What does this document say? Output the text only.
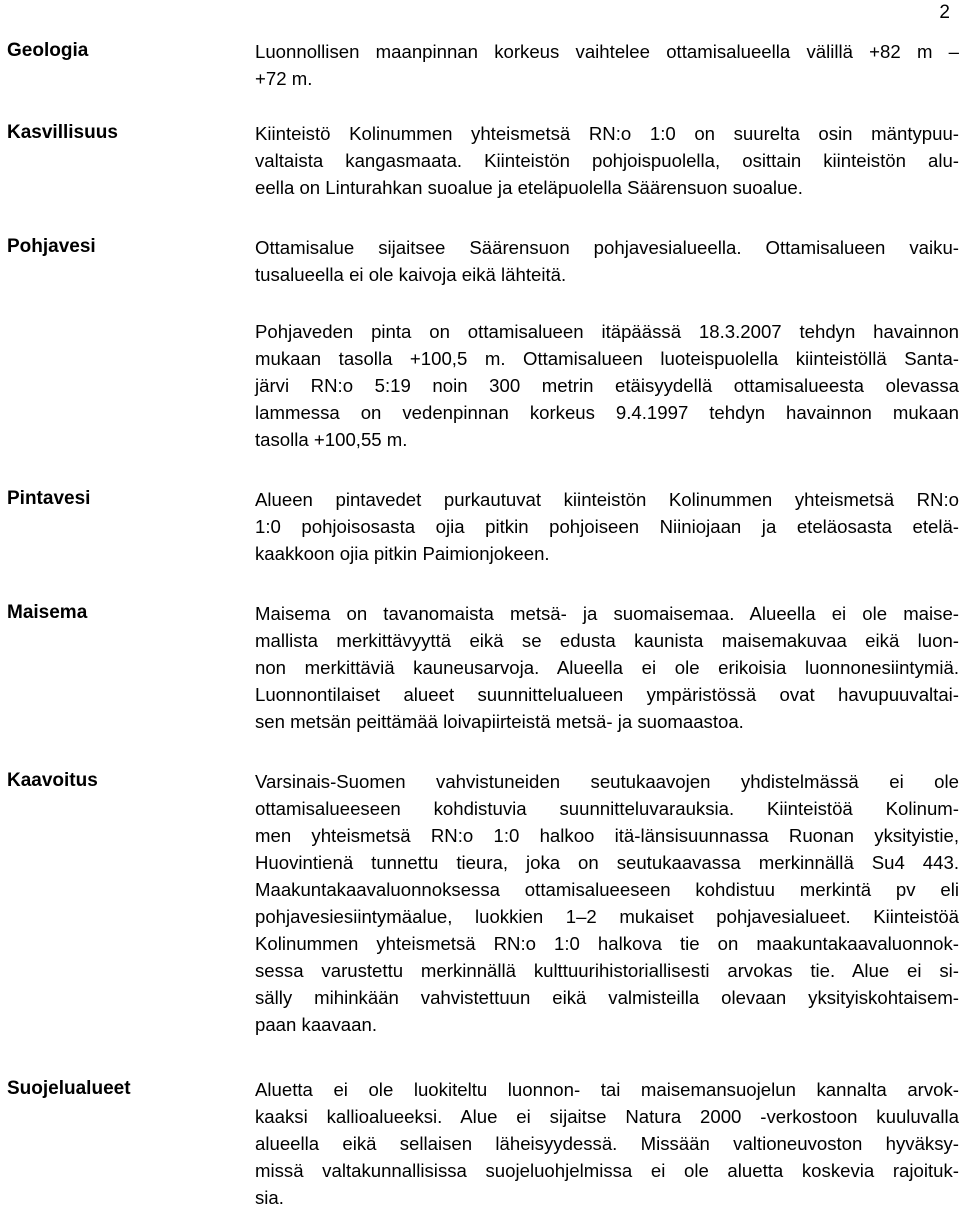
2
Geologia	Luonnollisen maanpinnan korkeus vaihtelee ottamisalueella välillä +82 m –
+72 m.
Kasvillisuus	Kiinteistö Kolinummen yhteismetsä RN:o 1:0 on suurelta osin mäntypuu-
valtaista kangasmaata. Kiinteistön pohjoispuolella, osittain kiinteistön alu-
eella on Linturahkan suoalue ja eteläpuolella Säärensuon suoalue.
Pohjavesi	Ottamisalue sijaitsee Säärensuon pohjavesialueella. Ottamisalueen vaiku-
tusalueella ei ole kaivoja eikä lähteitä.
Pohjaveden pinta on ottamisalueen itäpäässä 18.3.2007 tehdyn havainnon
mukaan tasolla +100,5 m. Ottamisalueen luoteispuolella kiinteistöllä Santa-
järvi RN:o 5:19 noin 300 metrin etäisyydellä ottamisalueesta olevassa
lammessa on vedenpinnan korkeus 9.4.1997 tehdyn havainnon mukaan
tasolla +100,55 m.
Pintavesi	Alueen pintavedet purkautuvat kiinteistön Kolinummen yhteismetsä RN:o
1:0 pohjoisosasta ojia pitkin pohjoiseen Niiniojaan ja eteläosasta etelä-
kaakkoon ojia pitkin Paimionjokeen.
Maisema	Maisema on tavanomaista metsä- ja suomaisemaa. Alueella ei ole maise-
mallista merkittävyyttä eikä se edusta kaunista maisemakuvaa eikä luon-
non merkittäviä kauneusarvoja. Alueella ei ole erikoisia luonnonesiintymiä.
Luonnontilaiset alueet suunnittelualueen ympäristössä ovat havupuuvaltai-
sen metsän peittämää loivapiirteistä metsä- ja suomaastoa.
Kaavoitus	Varsinais-Suomen vahvistuneiden seutukaavojen yhdistelmässä ei ole
ottamisalueeseen kohdistuvia suunnitteluvarauksia. Kiinteistöä Kolinum-
men yhteismetsä RN:o 1:0 halkoo itä-länsisuunnassa Ruonan yksityistie,
Huovintienä tunnettu tieura, joka on seutukaavassa merkinnällä Su4 443.
Maakuntakaavaluonnoksessa ottamisalueeseen kohdistuu merkintä pv eli
pohjavesiesiintymäalue, luokkien 1–2 mukaiset pohjavesialueet. Kiinteistöä
Kolinummen yhteismetsä RN:o 1:0 halkova tie on maakuntakaavaluonnok-
sessa varustettu merkinnällä kulttuurihistoriallisesti arvokas tie. Alue ei si-
sälly mihinkään vahvistettuun eikä valmisteilla olevaan yksityiskohtaisem-
paan kaavaan.
Suojelualueet	Aluetta ei ole luokiteltu luonnon- tai maisemansuojelun kannalta arvok-
kaaksi kallioalueeksi. Alue ei sijaitse Natura 2000 -verkostoon kuuluvalla
alueella eikä sellaisen läheisyydessä. Missään valtioneuvoston hyväksy-
missä valtakunnallisissa suojeluohjelmissa ei ole aluetta koskevia rajoituk-
sia.
